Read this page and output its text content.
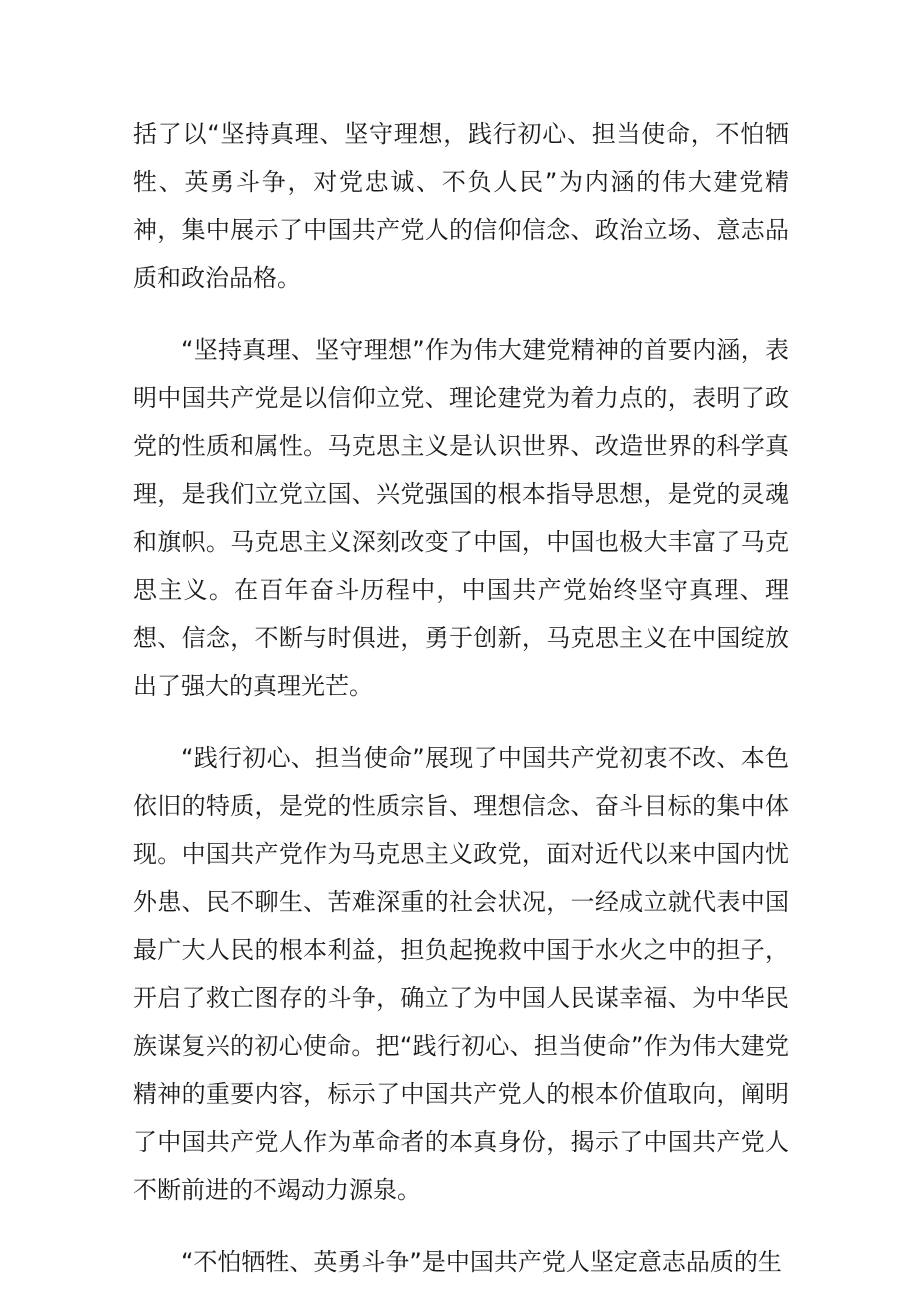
括了以“坚持真理、坚守理想，践行初心、担当使命，不怕牺牲、英勇斗争，对党忠诚、不负人民”为内涵的伟大建党精神，集中展示了中国共产党人的信仰信念、政治立场、意志品质和政治品格。

“坚持真理、坚守理想”作为伟大建党精神的首要内涵，表明中国共产党是以信仰立党、理论建党为着力点的，表明了政党的性质和属性。马克思主义是认识世界、改造世界的科学真理，是我们立党立国、兴党强国的根本指导思想，是党的灵魂和旗帜。马克思主义深刻改变了中国，中国也极大丰富了马克思主义。在百年奋斗历程中，中国共产党始终坚守真理、理想、信念，不断与时俱进，勇于创新，马克思主义在中国绽放出了强大的真理光芒。

“践行初心、担当使命”展现了中国共产党初衷不改、本色依旧的特质，是党的性质宗旨、理想信念、奋斗目标的集中体现。中国共产党作为马克思主义政党，面对近代以来中国内忧外患、民不聊生、苦难深重的社会状况，一经成立就代表中国最广大人民的根本利益，担负起挽救中国于水火之中的担子，开启了救亡图存的斗争，确立了为中国人民谋幸福、为中华民族谋复兴的初心使命。把“践行初心、担当使命”作为伟大建党精神的重要内容，标示了中国共产党人的根本价值取向，阐明了中国共产党人作为革命者的本真身份，揭示了中国共产党人不断前进的不竭动力源泉。

“不怕牺牲、英勇斗争”是中国共产党人坚定意志品质的生
